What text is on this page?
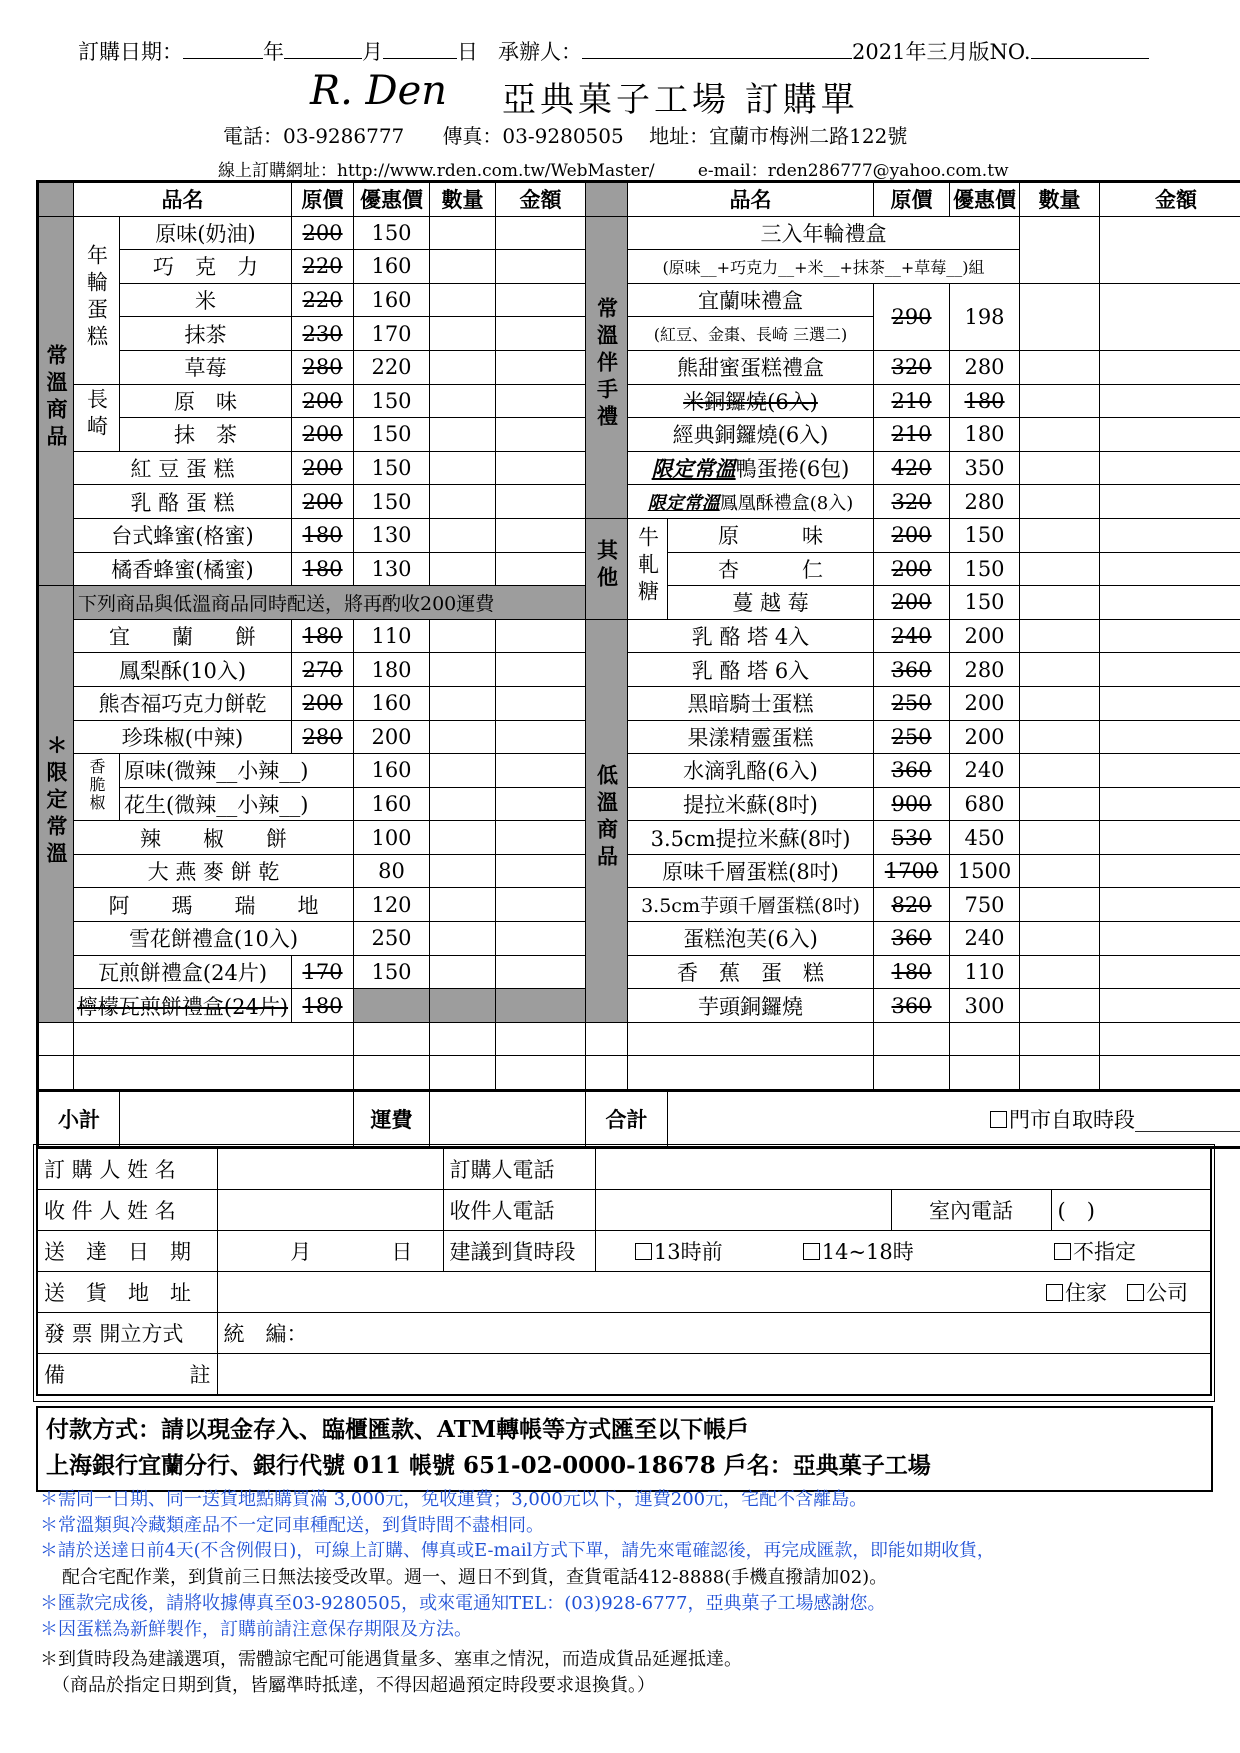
訂購日期：	年	月	日 承辦人：	2021年三月版NO.
R. Den 亞典菓子工場 訂購單
電話：03-9286777 傳真：03-9280505 地址：宜蘭市梅洲二路122號
線上訂購網址：http://www.rden.com.tw/WebMaster/	e-mail：rden286777@yahoo.com.tw
	品名		原價	優惠價	數量	金額		品名		原價	優惠價	數量	金額
常溫商品	年輪蛋糕	原味(奶油)	200	150			常溫伴手禮	三入年輪禮盒					
		巧　克　力	220	160				(原味__+巧克力__+米__+抹茶__+草莓__)組					
		米	220	160				宜蘭味禮盒		290	198		
		抹茶	230	170				(紅豆、金棗、長崎 三選二)					
		草莓	280	220				熊甜蜜蛋糕禮盒		320	280		
	長崎	原　味	200	150				米銅鑼燒(6入)		210	180		
		抹　茶	200	150				經典銅鑼燒(6入)		210	180		
	紅 豆 蛋 糕		200	150				限定常溫鴨蛋捲(6包)		420	350		
	乳 酪 蛋 糕		200	150				限定常溫鳳凰酥禮盒(8入)		320	280		
	台式蜂蜜(格蜜)		180	130			其他	牛軋糖	原　　　味	200	150		
	橘香蜂蜜(橘蜜)		180	130					杏　　　仁	200	150		
＊限定常溫	下列商品與低溫商品同時配送，將再酌收200運費								蔓 越 莓	200	150		
	宜　　蘭　　餅		180	110			低溫商品	乳 酪 塔 4入		240	200		
	鳳梨酥(10入)		270	180				乳 酪 塔 6入		360	280		
	熊杏福巧克力餅乾		200	160				黑暗騎士蛋糕		250	200		
	珍珠椒(中辣)		280	200				果漾精靈蛋糕		250	200		
	香脆椒	原味(微辣__小辣__)		160				水滴乳酪(6入)		360	240		
		花生(微辣__小辣__)		160				提拉米蘇(8吋)		900	680		
	辣　　椒　　餅			100				3.5cm提拉米蘇(8吋)		530	450		
	大 燕 麥 餅 乾			80				原味千層蛋糕(8吋)		1700	1500		
	阿　　瑪　　瑞　　地			120				3.5cm芋頭千層蛋糕(8吋)		820	750		
	雪花餅禮盒(10入)			250				蛋糕泡芙(6入)		360	240		
	瓦煎餅禮盒(24片)		170	150				香　蕉　蛋　糕		180	110		
	檸檬瓦煎餅禮盒(24片)		180					芋頭銅鑼燒		360	300		

小計				運費			合計		門市自取時段__________				
訂 購 人 姓 名		訂購人電話			
收 件 人 姓 名		收件人電話		室內電話	(　)
送　達　日　期	月 日	建議到貨時段	13時前 14~18時 不指定		
送　貨　地　址	住家 公司				
發 票 開立方式	統　編：				
備 註					

付款方式：請以現金存入、臨櫃匯款、ATM轉帳等方式匯至以下帳戶
上海銀行宜蘭分行、銀行代號 011 帳號 651-02-0000-18678 戶名：亞典菓子工場
＊需同一日期、同一送貨地點購買滿 3,000元，免收運費；3,000元以下，運費200元，宅配不含離島。
＊常溫類與冷藏類產品不一定同車種配送，到貨時間不盡相同。
＊請於送達日前4天(不含例假日)，可線上訂購、傳真或E-mail方式下單，請先來電確認後，再完成匯款，即能如期收貨，
配合宅配作業，到貨前三日無法接受改單。週一、週日不到貨，查貨電話412-8888(手機直撥請加02)。
＊匯款完成後，請將收據傳真至03-9280505，或來電通知TEL：(03)928-6777，亞典菓子工場感謝您。
＊因蛋糕為新鮮製作，訂購前請注意保存期限及方法。
＊到貨時段為建議選項，需體諒宅配可能遇貨量多、塞車之情況，而造成貨品延遲抵達。
（商品於指定日期到貨，皆屬準時抵達，不得因超過預定時段要求退換貨。）
